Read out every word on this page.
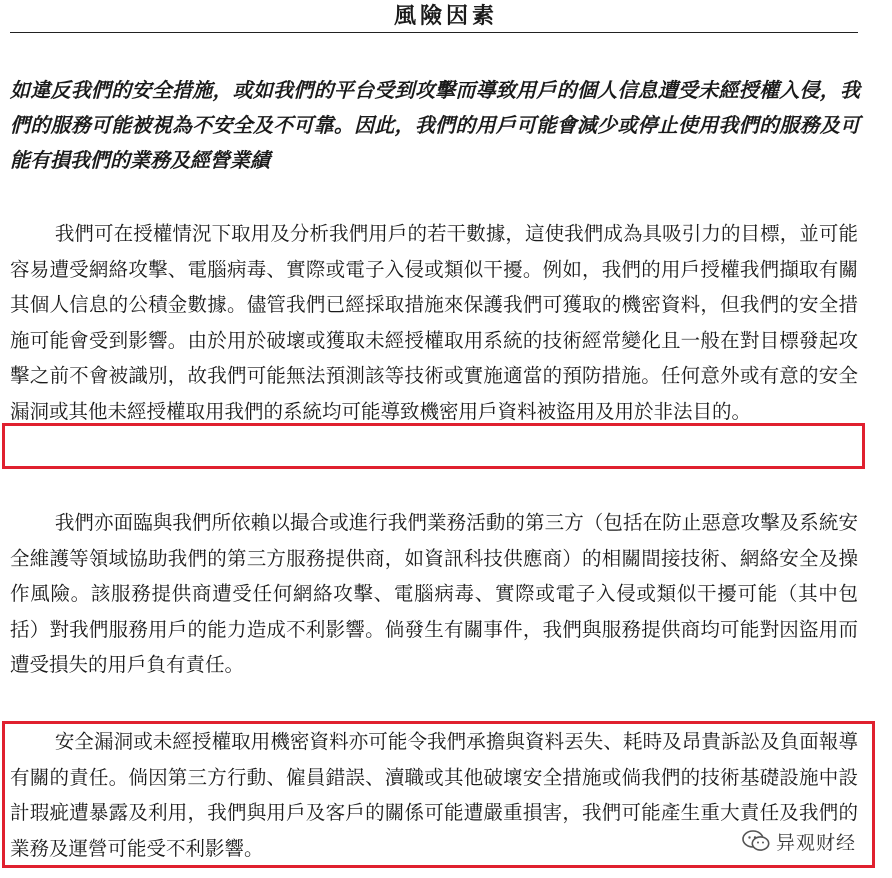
風險因素

如違反我們的安全措施，或如我們的平台受到攻擊而導致用戶的個人信息遭受未經授權入侵，我們的服務可能被視為不安全及不可靠。因此，我們的用戶可能會減少或停止使用我們的服務及可能有損我們的業務及經營業績

我們可在授權情況下取用及分析我們用戶的若干數據，這使我們成為具吸引力的目標，並可能容易遭受網絡攻擊、電腦病毒、實際或電子入侵或類似干擾。例如，我們的用戶授權我們擷取有關其個人信息的公積金數據。儘管我們已經採取措施來保護我們可獲取的機密資料，但我們的安全措施可能會受到影響。由於用於破壞或獲取未經授權取用系統的技術經常變化且一般在對目標發起攻擊之前不會被識別，故我們可能無法預測該等技術或實施適當的預防措施。任何意外或有意的安全漏洞或其他未經授權取用我們的系統均可能導致機密用戶資料被盜用及用於非法目的。

我們亦面臨與我們所依賴以撮合或進行我們業務活動的第三方（包括在防止惡意攻擊及系統安全維護等領域協助我們的第三方服務提供商，如資訊科技供應商）的相關間接技術、網絡安全及操作風險。該服務提供商遭受任何網絡攻擊、電腦病毒、實際或電子入侵或類似干擾可能（其中包括）對我們服務用戶的能力造成不利影響。倘發生有關事件，我們與服務提供商均可能對因盜用而遭受損失的用戶負有責任。

安全漏洞或未經授權取用機密資料亦可能令我們承擔與資料丟失、耗時及昂貴訴訟及負面報導有關的責任。倘因第三方行動、僱員錯誤、瀆職或其他破壞安全措施或倘我們的技術基礎設施中設計瑕疵遭暴露及利用，我們與用戶及客戶的關係可能遭嚴重損害，我們可能產生重大責任及我們的業務及運營可能受不利影響。	异观财经
